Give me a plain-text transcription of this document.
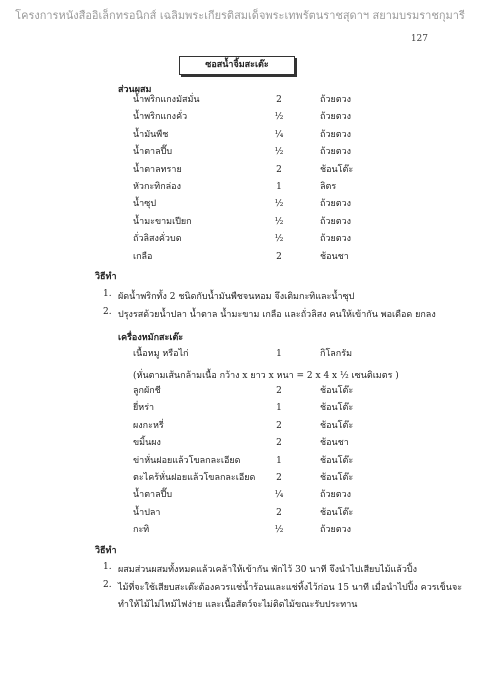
โครงการหนังสืออิเล็กทรอนิกส์ เฉลิมพระเกียรติสมเด็จพระเทพรัตนราชสุดาฯ สยามบรมราชกุมารี
127
ซอสน้ำจิ้มสะเต๊ะ
ส่วนผสม
น้ำพริกแกงมัสมั่น	2	ถ้วยตวง
น้ำพริกแกงคั่ว	½	ถ้วยตวง
น้ำมันพืช	¼	ถ้วยตวง
น้ำตาลปี๊บ	½	ถ้วยตวง
น้ำตาลทราย	2	ช้อนโต๊ะ
หัวกะทิกล่อง	1	ลิตร
น้ำซุป	½	ถ้วยตวง
น้ำมะขามเปียก	½	ถ้วยตวง
ถั่วลิสงคั่วบด	½	ถ้วยตวง
เกลือ	2	ช้อนชา
วิธีทำ
1. ผัดน้ำพริกทั้ง 2 ชนิดกับน้ำมันพืชจนหอม จึงเติมกะทิและน้ำซุป
2. ปรุงรสด้วยน้ำปลา น้ำตาล น้ำมะขาม เกลือ และถั่วลิสง คนให้เข้ากัน พอเดือด ยกลง
เครื่องหมักสะเต๊ะ
เนื้อหมู หรือไก่	1	กิโลกรัม
(หั่นตามเส้นกล้ามเนื้อ กว้าง x ยาว x หนา = 2 x 4 x ½ เซนติเมตร )
ลูกผักชี	2	ช้อนโต๊ะ
ยี่หร่า	1	ช้อนโต๊ะ
ผงกะหรี่	2	ช้อนโต๊ะ
ขมิ้นผง	2	ช้อนชา
ข่าหั่นฝอยแล้วโขลกละเอียด	1	ช้อนโต๊ะ
ตะไคร้หั่นฝอยแล้วโขลกละเอียด	2	ช้อนโต๊ะ
น้ำตาลปี๊บ	¼	ถ้วยตวง
น้ำปลา	2	ช้อนโต๊ะ
กะทิ	½	ถ้วยตวง
วิธีทำ
1. ผสมส่วนผสมทั้งหมดแล้วเคล้าให้เข้ากัน พักไว้ 30 นาที จึงนำไปเสียบไม้แล้วปิ้ง
2. ไม้ที่จะใช้เสียบสะเต๊ะต้องควรแช่น้ำร้อนและแช่ทิ้งไว้ก่อน 15 นาที เมื่อนำไปปิ้ง ควรเข็นจะ
ทำให้ไม้ไม่ไหม้ไฟง่าย และเนื้อสัตว์จะไม่ติดไม้ขณะรับประทาน
